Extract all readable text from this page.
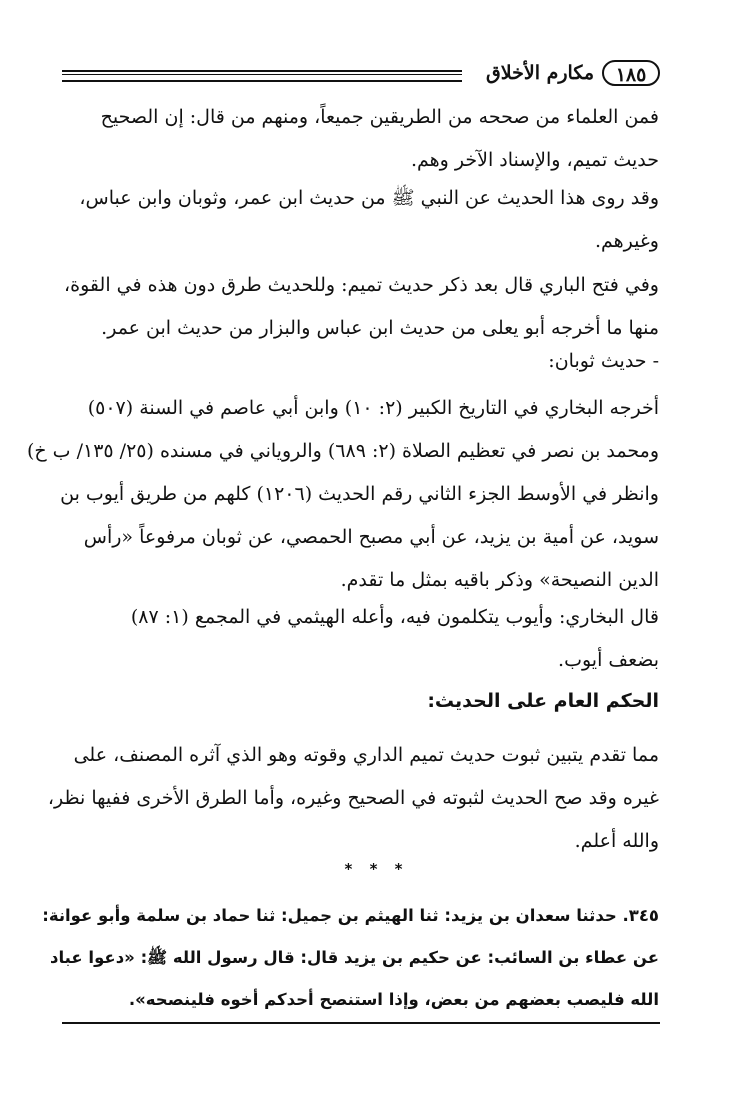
١٨٥
مكارم الأخلاق
فمن العلماء من صححه من الطريقين جميعاً، ومنهم من قال: إن الصحيح
حديث تميم، والإسناد الآخر وهم.
وقد روى هذا الحديث عن النبي ﷺ من حديث ابن عمر، وثوبان وابن عباس،
وغيرهم.
وفي فتح الباري قال بعد ذكر حديث تميم: وللحديث طرق دون هذه في القوة،
منها ما أخرجه أبو يعلى من حديث ابن عباس والبزار من حديث ابن عمر.
- حديث ثوبان:
أخرجه البخاري في التاريخ الكبير (٢: ١٠) وابن أبي عاصم في السنة (٥٠٧)
ومحمد بن نصر في تعظيم الصلاة (٢: ٦٨٩) والروياني في مسنده (٢٥/ ١٣٥/ ب خ)
وانظر في الأوسط الجزء الثاني رقم الحديث (١٢٠٦) كلهم من طريق أيوب بن
سويد، عن أمية بن يزيد، عن أبي مصبح الحمصي، عن ثوبان مرفوعاً «رأس
الدين النصيحة» وذكر باقيه بمثل ما تقدم.
قال البخاري: وأيوب يتكلمون فيه، وأعله الهيثمي في المجمع (١: ٨٧)
بضعف أيوب.
الحكم العام على الحديث:
مما تقدم يتبين ثبوت حديث تميم الداري وقوته وهو الذي آثره المصنف، على
غيره وقد صح الحديث لثبوته في الصحيح وغيره، وأما الطرق الأخرى ففيها نظر،
والله أعلم.
* * *
٣٤٥. حدثنا سعدان بن يزيد: ثنا الهيثم بن جميل: ثنا حماد بن سلمة وأبو عوانة:
عن عطاء بن السائب: عن حكيم بن يزيد قال: قال رسول الله ﷺ: «دعوا عباد
الله فليصب بعضهم من بعض، وإذا استنصح أحدكم أخوه فلينصحه».
